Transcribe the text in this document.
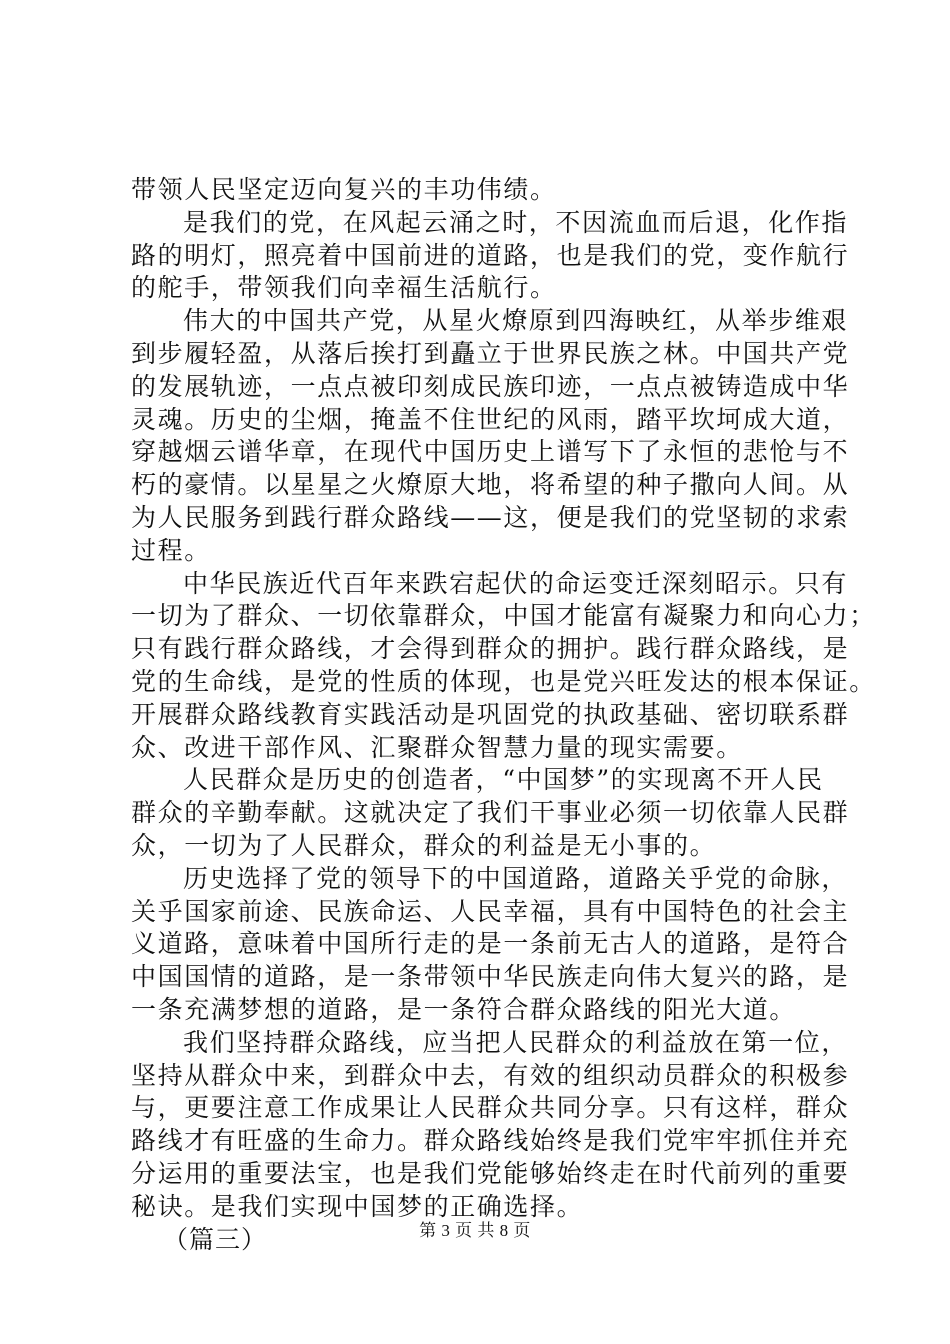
带领人民坚定迈向复兴的丰功伟绩。
是我们的党，在风起云涌之时，不因流血而后退，化作指
路的明灯，照亮着中国前进的道路，也是我们的党，变作航行
的舵手，带领我们向幸福生活航行。
伟大的中国共产党，从星火燎原到四海映红，从举步维艰
到步履轻盈，从落后挨打到矗立于世界民族之林。中国共产党
的发展轨迹，一点点被印刻成民族印迹，一点点被铸造成中华
灵魂。历史的尘烟，掩盖不住世纪的风雨，踏平坎坷成大道，
穿越烟云谱华章，在现代中国历史上谱写下了永恒的悲怆与不
朽的豪情。以星星之火燎原大地，将希望的种子撒向人间。从
为人民服务到践行群众路线——这，便是我们的党坚韧的求索
过程。
中华民族近代百年来跌宕起伏的命运变迁深刻昭示。只有
一切为了群众、一切依靠群众，中国才能富有凝聚力和向心力；
只有践行群众路线，才会得到群众的拥护。践行群众路线，是
党的生命线，是党的性质的体现，也是党兴旺发达的根本保证。
开展群众路线教育实践活动是巩固党的执政基础、密切联系群
众、改进干部作风、汇聚群众智慧力量的现实需要。
人民群众是历史的创造者，“中国梦”的实现离不开人民
群众的辛勤奉献。这就决定了我们干事业必须一切依靠人民群
众，一切为了人民群众，群众的利益是无小事的。
历史选择了党的领导下的中国道路，道路关乎党的命脉，
关乎国家前途、民族命运、人民幸福，具有中国特色的社会主
义道路，意味着中国所行走的是一条前无古人的道路，是符合
中国国情的道路，是一条带领中华民族走向伟大复兴的路，是
一条充满梦想的道路，是一条符合群众路线的阳光大道。
我们坚持群众路线，应当把人民群众的利益放在第一位，
坚持从群众中来，到群众中去，有效的组织动员群众的积极参
与，更要注意工作成果让人民群众共同分享。只有这样，群众
路线才有旺盛的生命力。群众路线始终是我们党牢牢抓住并充
分运用的重要法宝，也是我们党能够始终走在时代前列的重要
秘诀。是我们实现中国梦的正确选择。
（篇三）	第 3 页 共 8 页
